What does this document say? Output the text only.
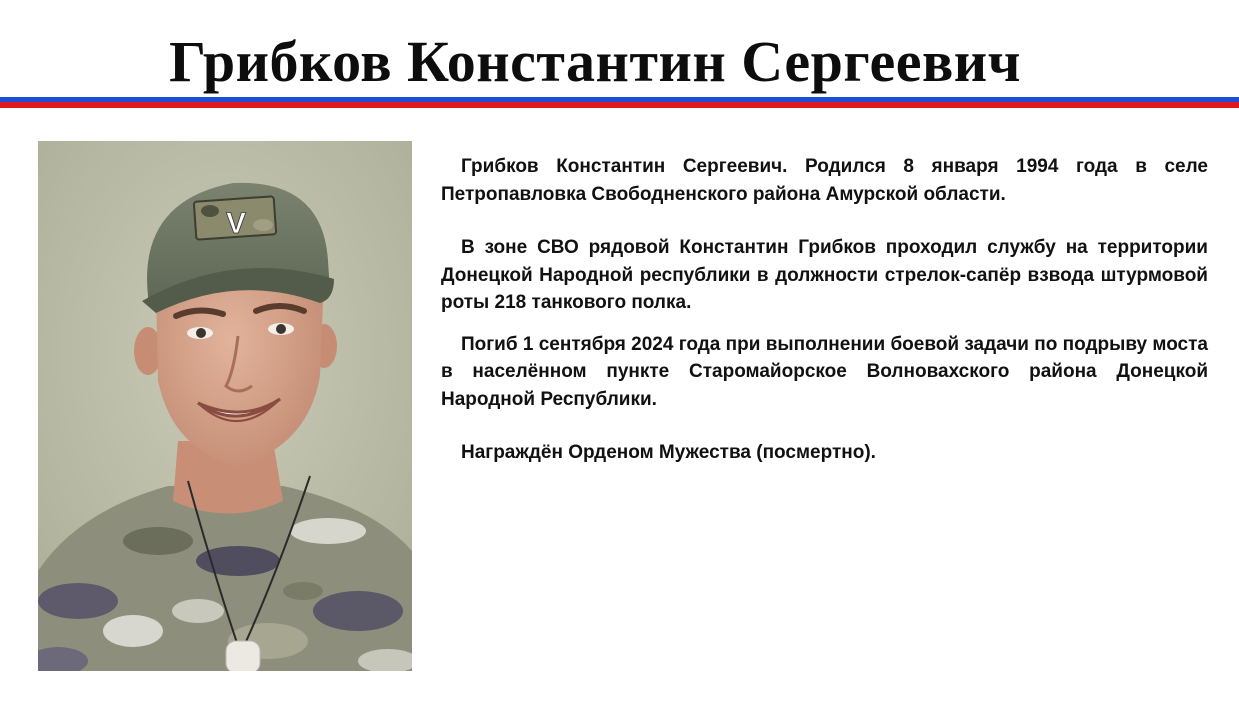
Грибков Константин Сергеевич
V

Грибков Константин Сергеевич. Родился 8 января 1994 года в селе Петропавловка Свободненского района Амурской области.

В зоне СВО рядовой Константин Грибков проходил службу на территории Донецкой Народной республики в должности стрелок-сапёр взвода штурмовой роты 218 танкового полка.

Погиб 1 сентября 2024 года при выполнении боевой задачи по подрыву моста в населённом пункте Старомайорское Волновахского района Донецкой Народной Республики.

Награждён Орденом Мужества (посмертно).
